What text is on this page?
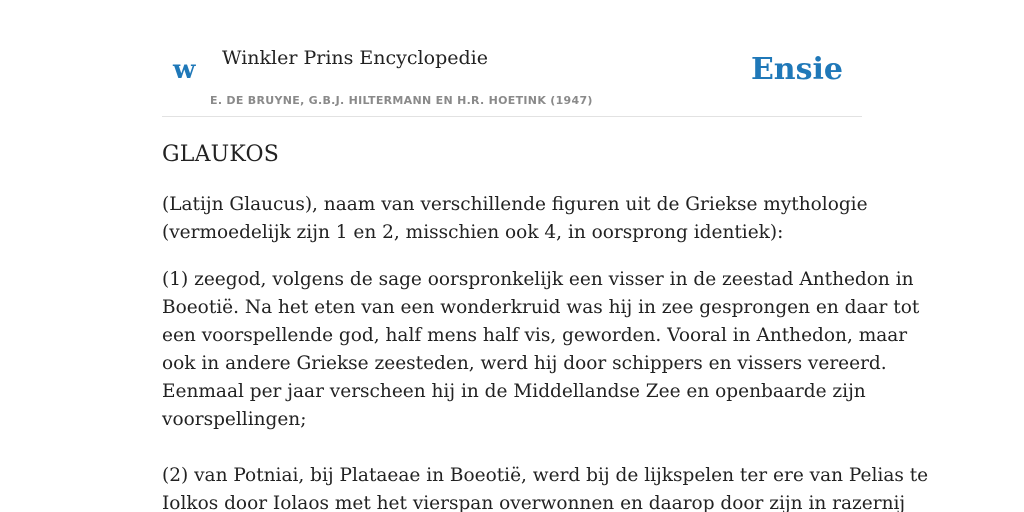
w Winkler Prins Encyclopedie
E. DE BRUYNE, G.B.J. HILTERMANN EN H.R. HOETINK (1947)
Ensie
GLAUKOS

(Latijn Glaucus), naam van verschillende figuren uit de Griekse mythologie
(vermoedelijk zijn 1 en 2, misschien ook 4, in oorsprong identiek):

(1) zeegod, volgens de sage oorspronkelijk een visser in de zeestad Anthedon in
Boeotië. Na het eten van een wonderkruid was hij in zee gesprongen en daar tot
een voorspellende god, half mens half vis, geworden. Vooral in Anthedon, maar
ook in andere Griekse zeesteden, werd hij door schippers en vissers vereerd.
Eenmaal per jaar verscheen hij in de Middellandse Zee en openbaarde zijn
voorspellingen;

(2) van Potniai, bij Plataeae in Boeotië, werd bij de lijkspelen ter ere van Pelias te
Iolkos door Iolaos met het vierspan overwonnen en daarop door zijn in razernij
